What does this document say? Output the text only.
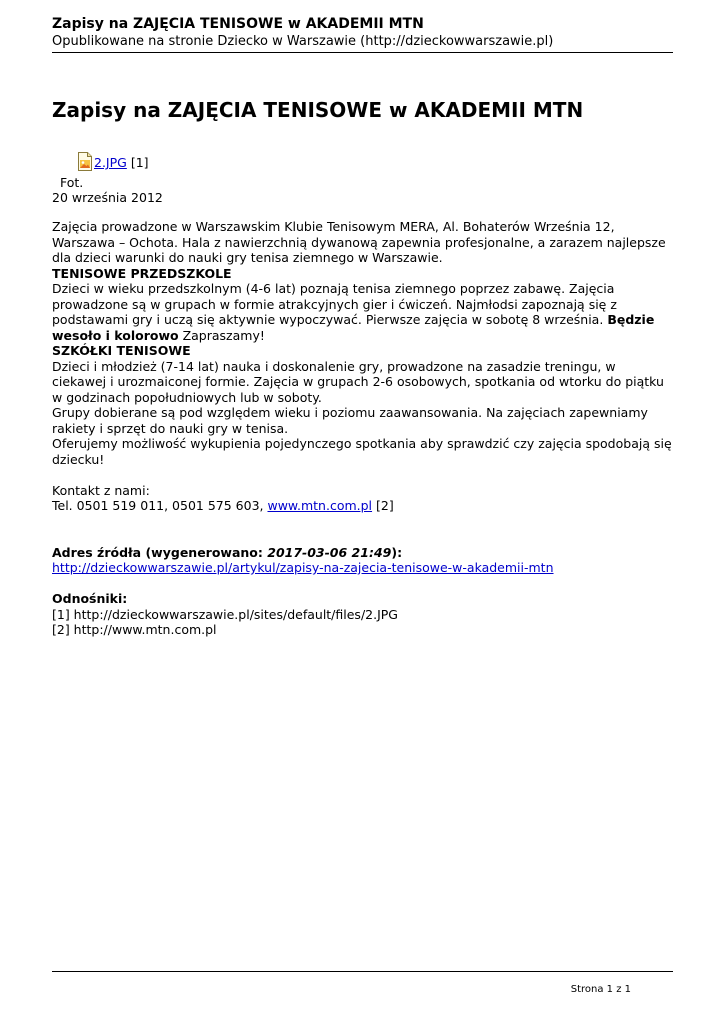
Zapisy na ZAJĘCIA TENISOWE w AKADEMII MTN
Opublikowane na stronie Dziecko w Warszawie (http://dzieckowwarszawie.pl)
Zapisy na ZAJĘCIA TENISOWE w AKADEMII MTN
2.JPG [1]
Fot.
20 września 2012

Zajęcia prowadzone w Warszawskim Klubie Tenisowym MERA, Al. Bohaterów Września 12, Warszawa – Ochota. Hala z nawierzchnią dywanową zapewnia profesjonalne, a zarazem najlepsze dla dzieci warunki do nauki gry tenisa ziemnego w Warszawie.

TENISOWE PRZEDSZKOLE

Dzieci w wieku przedszkolnym (4-6 lat) poznają tenisa ziemnego poprzez zabawę. Zajęcia prowadzone są w grupach w formie atrakcyjnych gier i ćwiczeń. Najmłodsi zapoznają się z podstawami gry i uczą się aktywnie wypoczywać. Pierwsze zajęcia w sobotę 8 września. Będzie wesoło i kolorowo Zapraszamy!

SZKÓŁKI TENISOWE

Dzieci i młodzież (7-14 lat) nauka i doskonalenie gry, prowadzone na zasadzie treningu, w ciekawej i urozmaiconej formie. Zajęcia w grupach 2-6 osobowych, spotkania od wtorku do piątku w godzinach popołudniowych lub w soboty.

Grupy dobierane są pod względem wieku i poziomu zaawansowania. Na zajęciach zapewniamy rakiety i sprzęt do nauki gry w tenisa.

Oferujemy możliwość wykupienia pojedynczego spotkania aby sprawdzić czy zajęcia spodobają się dziecku!

Kontakt z nami:

Tel. 0501 519 011, 0501 575 603, www.mtn.com.pl [2]

Adres źródła (wygenerowano: 2017-03-06 21:49):

http://dzieckowwarszawie.pl/artykul/zapisy-na-zajecia-tenisowe-w-akademii-mtn

Odnośniki:

[1] http://dzieckowwarszawie.pl/sites/default/files/2.JPG

[2] http://www.mtn.com.pl

Strona 1 z 1
